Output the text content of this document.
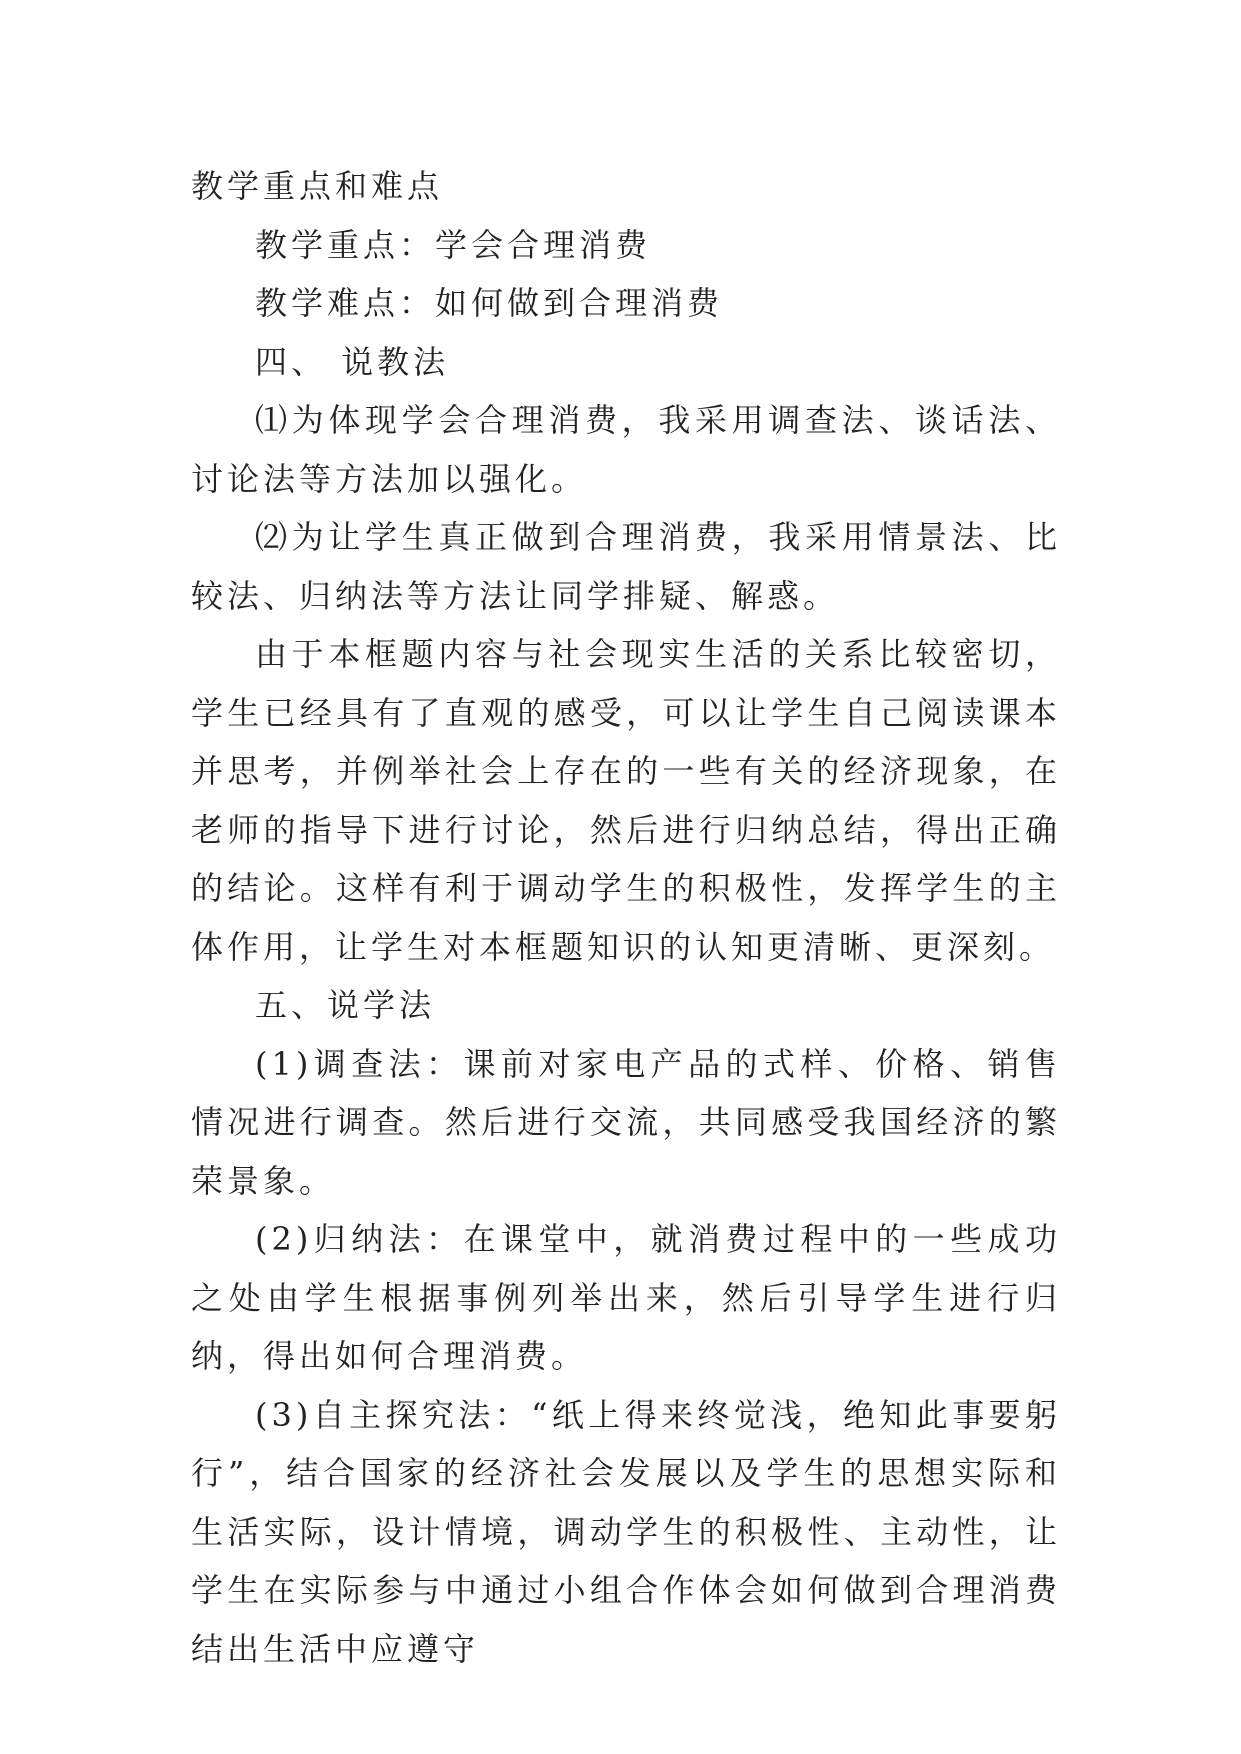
教学重点和难点

教学重点：学会合理消费

教学难点：如何做到合理消费

四、 说教法

⑴为体现学会合理消费，我采用调查法、谈话法、讨论法等方法加以强化。

⑵为让学生真正做到合理消费，我采用情景法、比较法、归纳法等方法让同学排疑、解惑。

由于本框题内容与社会现实生活的关系比较密切，学生已经具有了直观的感受，可以让学生自己阅读课本并思考，并例举社会上存在的一些有关的经济现象，在老师的指导下进行讨论，然后进行归纳总结，得出正确的结论。这样有利于调动学生的积极性，发挥学生的主体作用，让学生对本框题知识的认知更清晰、更深刻。

五、说学法

(1)调查法：课前对家电产品的式样、价格、销售情况进行调查。然后进行交流，共同感受我国经济的繁荣景象。

(2)归纳法：在课堂中，就消费过程中的一些成功之处由学生根据事例列举出来，然后引导学生进行归纳，得出如何合理消费。

(3)自主探究法：“纸上得来终觉浅，绝知此事要躬行”，结合国家的经济社会发展以及学生的思想实际和生活实际，设计情境，调动学生的积极性、主动性，让学生在实际参与中通过小组合作体会如何做到合理消费结出生活中应遵守
